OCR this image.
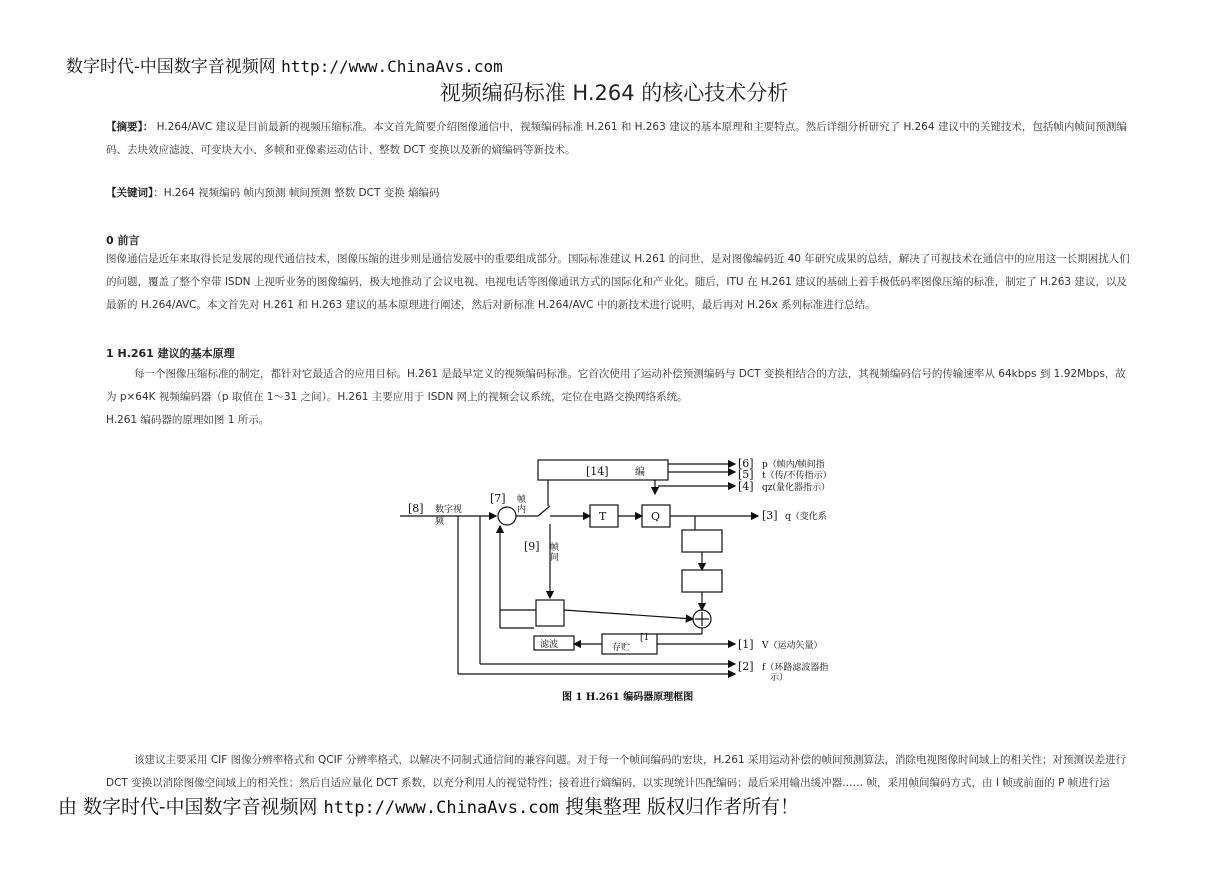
数字时代-中国数字音视频网 http://www.ChinaAvs.com
视频编码标准 H.264 的核心技术分析
【摘要】： H.264/AVC 建议是目前最新的视频压缩标准。本文首先简要介绍图像通信中，视频编码标准 H.261 和 H.263 建议的基本原理和主要特点。然后详细分析研究了 H.264 建议中的关键技术，包括帧内帧间预测编码、去块效应滤波、可变块大小、多帧和亚像素运动估计、整数 DCT 变换以及新的熵编码等新技术。
【关键词】：H.264 视频编码 帧内预测 帧间预测 整数 DCT 变换 熵编码
0 前言
图像通信是近年来取得长足发展的现代通信技术，图像压缩的进步则是通信发展中的重要组成部分。国际标准建议 H.261 的问世，是对图像编码近 40 年研究成果的总结，解决了可视技术在通信中的应用这一长期困扰人们的问题，覆盖了整个窄带 ISDN 上视听业务的图像编码，极大地推动了会议电视、电视电话等图像通讯方式的国际化和产业化。随后，ITU 在 H.261 建议的基础上着手极低码率图像压缩的标准，制定了 H.263 建议，以及最新的 H.264/AVC。本文首先对 H.261 和 H.263 建议的基本原理进行阐述，然后对新标准 H.264/AVC 中的新技术进行说明，最后再对 H.26x 系列标准进行总结。
1 H.261 建议的基本原理
每一个图像压缩标准的制定，都针对它最适合的应用目标。H.261 是最早定义的视频编码标准。它首次使用了运动补偿预测编码与 DCT 变换相结合的方法，其视频编码信号的传输速率从 64kbps 到 1.92Mbps，故为 p×64K 视频编码器（p 取值在 1～31 之间）。H.261 主要应用于 ISDN 网上的视频会议系统，定位在电路交换网络系统。
H.261 编码器的原理如图 1 所示。
[14]	编
[6] p（帧内/帧间指
[5] t（传/不传指示）
[4] qz(量化器指示）
[8] 数字视
频
[7] 帧
内	T	Q	[3] q（变化系
[9] 帧
间
滤波	存贮
[1	[1] V（运动矢量）
[2] f（环路滤波器指
示）
图 1 H.261 编码器原理框图
该建议主要采用 CIF 图像分辨率格式和 QCIF 分辨率格式，以解决不同制式通信间的兼容问题。对于每一个帧间编码的宏块，H.261 采用运动补偿的帧间预测算法，消除电视图像时间域上的相关性；对预测误差进行 DCT 变换以消除图像空间域上的相关性；然后自适应量化 DCT 系数，以充分利用人的视觉特性；接着进行熵编码，以实现统计匹配编码；最后采用输出缓冲器…… 帧，采用帧间编码方式，由 I 帧或前面的 P 帧进行运
由 数字时代-中国数字音视频网 http://www.ChinaAvs.com 搜集整理 版权归作者所有！
